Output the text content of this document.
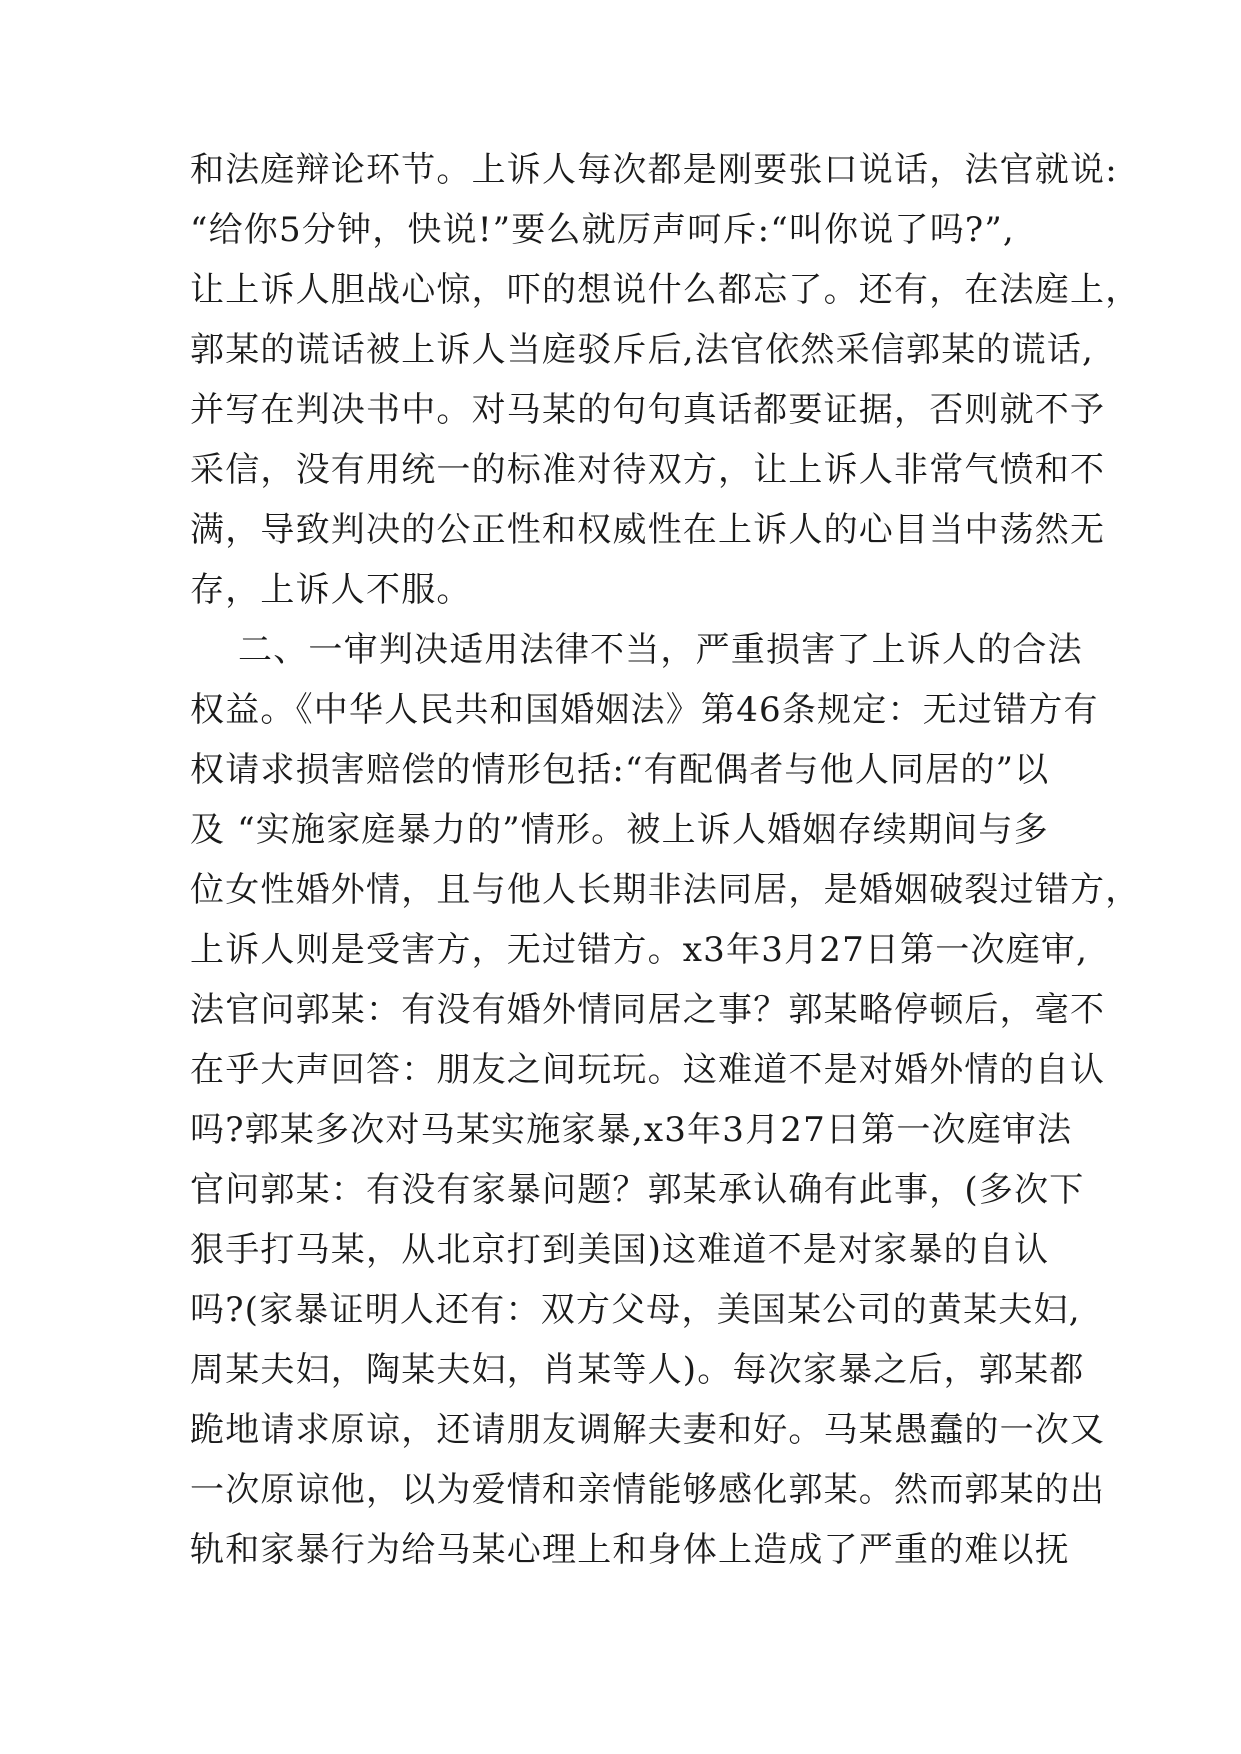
和法庭辩论环节。上诉人每次都是刚要张口说话，法官就说:
“给你5分钟，快说!”要么就厉声呵斥:“叫你说了吗?”,
让上诉人胆战心惊，吓的想说什么都忘了。还有，在法庭上，
郭某的谎话被上诉人当庭驳斥后,法官依然采信郭某的谎话,
并写在判决书中。对马某的句句真话都要证据，否则就不予
采信，没有用统一的标准对待双方，让上诉人非常气愤和不
满，导致判决的公正性和权威性在上诉人的心目当中荡然无
存，上诉人不服。
二、一审判决适用法律不当，严重损害了上诉人的合法
权益。《中华人民共和国婚姻法》第46条规定：无过错方有
权请求损害赔偿的情形包括:“有配偶者与他人同居的”以
及 “实施家庭暴力的”情形。被上诉人婚姻存续期间与多
位女性婚外情，且与他人长期非法同居，是婚姻破裂过错方，
上诉人则是受害方，无过错方。x3年3月27日第一次庭审,
法官问郭某：有没有婚外情同居之事？郭某略停顿后，毫不
在乎大声回答：朋友之间玩玩。这难道不是对婚外情的自认
吗?郭某多次对马某实施家暴,x3年3月27日第一次庭审法
官问郭某：有没有家暴问题？郭某承认确有此事，(多次下
狠手打马某，从北京打到美国)这难道不是对家暴的自认
吗?(家暴证明人还有：双方父母，美国某公司的黄某夫妇,
周某夫妇，陶某夫妇，肖某等人)。每次家暴之后，郭某都
跪地请求原谅，还请朋友调解夫妻和好。马某愚蠢的一次又
一次原谅他，以为爱情和亲情能够感化郭某。然而郭某的出
轨和家暴行为给马某心理上和身体上造成了严重的难以抚
